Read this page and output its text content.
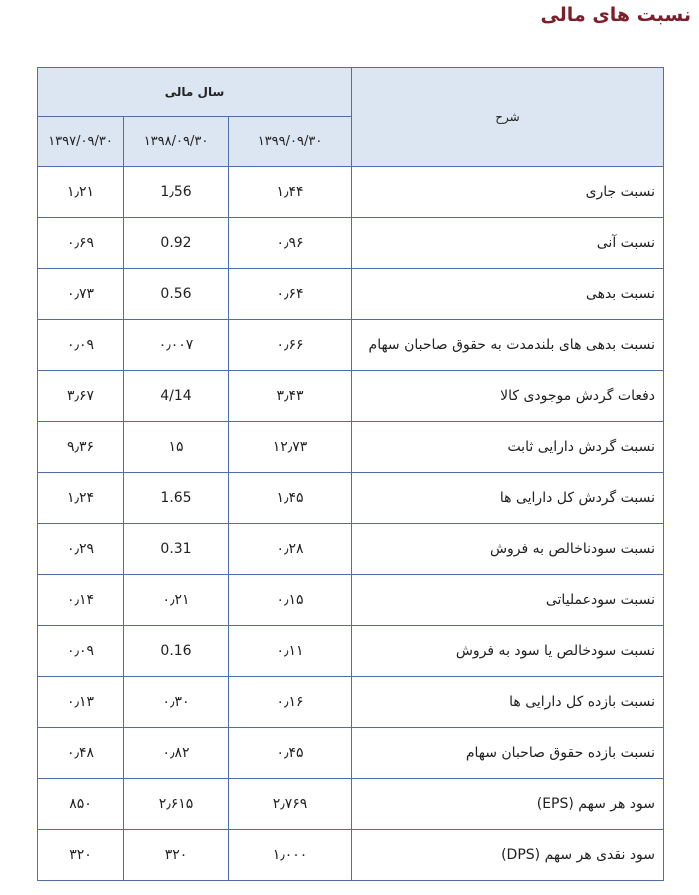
نسبت های مالی
سال مالی			شرح
۱۳۹۷/۰۹/۳۰	۱۳۹۸/۰۹/۳۰	۱۳۹۹/۰۹/۳۰	
۱٫۲۱	1٫56	۱٫۴۴	نسبت جاری
۰٫۶۹	0.92	۰٫۹۶	نسبت آنی
۰٫۷۳	0.56	۰٫۶۴	نسبت بدهی
۰٫۰۹	۰٫۰۰۷	۰٫۶۶	نسبت بدهی های بلندمدت به حقوق صاحبان سهام
۳٫۶۷	4/14	۳٫۴۳	دفعات گردش موجودی کالا
۹٫۳۶	۱۵	۱۲٫۷۳	نسبت گردش دارایی ثابت
۱٫۲۴	1.65	۱٫۴۵	نسبت گردش کل دارایی ها
۰٫۲۹	0.31	۰٫۲۸	نسبت سودناخالص به فروش
۰٫۱۴	۰٫۲۱	۰٫۱۵	نسبت سودعملیاتی
۰٫۰۹	0.16	۰٫۱۱	نسبت سودخالص یا سود به فروش
۰٫۱۳	۰٫۳۰	۰٫۱۶	نسبت بازده کل دارایی ها
۰٫۴۸	۰٫۸۲	۰٫۴۵	نسبت بازده حقوق صاحبان سهام
۸۵۰	۲٫۶۱۵	۲٫۷۶۹	سود هر سهم (EPS)
۳۲۰	۳۲۰	۱٫۰۰۰	سود نقدی هر سهم (DPS)
